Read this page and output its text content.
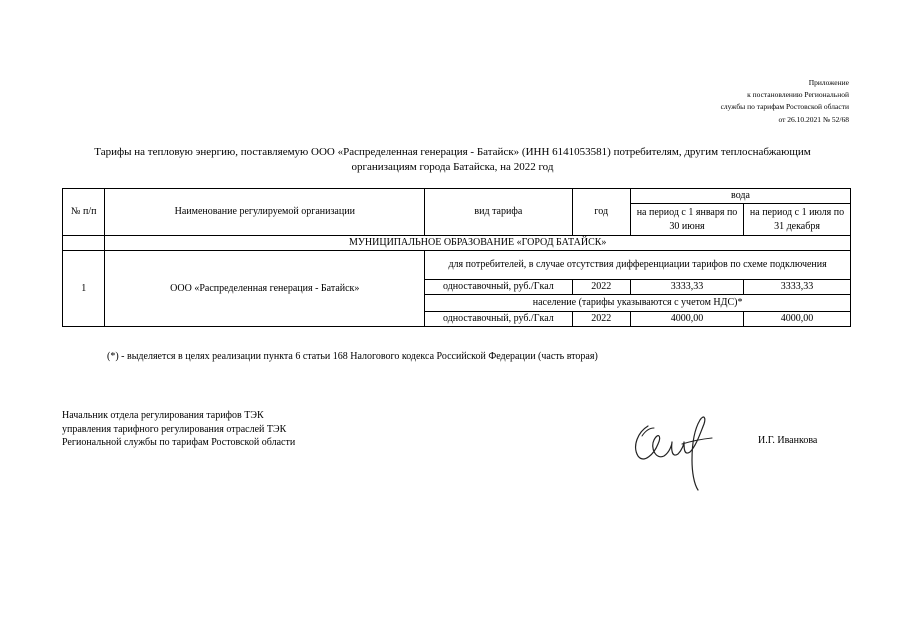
Приложение
к постановлению Региональной
службы по тарифам Ростовской области
от 26.10.2021 № 52/68
Тарифы на тепловую энергию, поставляемую ООО «Распределенная генерация - Батайск» (ИНН 6141053581) потребителям, другим теплоснабжающим
организациям города Батайска, на 2022 год
№ п/п	Наименование регулируемой организации	вид тарифа	год	вода	
				на период с 1 января по 30 июня	на период с 1 июля по 31 декабря
	МУНИЦИПАЛЬНОЕ ОБРАЗОВАНИЕ «ГОРОД БАТАЙСК»				
1	ООО «Распределенная генерация - Батайск»	для потребителей, в случае отсутствия дифференциации тарифов по схеме подключения			
		одноставочный, руб./Гкал	2022	3333,33	3333,33
		население (тарифы указываются с учетом НДС)*			
		одноставочный, руб./Гкал	2022	4000,00	4000,00
(*) - выделяется в целях реализации пункта 6 статьи 168 Налогового кодекса Российской Федерации (часть вторая)
Начальник отдела регулирования тарифов ТЭК
управления тарифного регулирования отраслей ТЭК
Региональной службы по тарифам Ростовской области	И.Г. Иванкова
